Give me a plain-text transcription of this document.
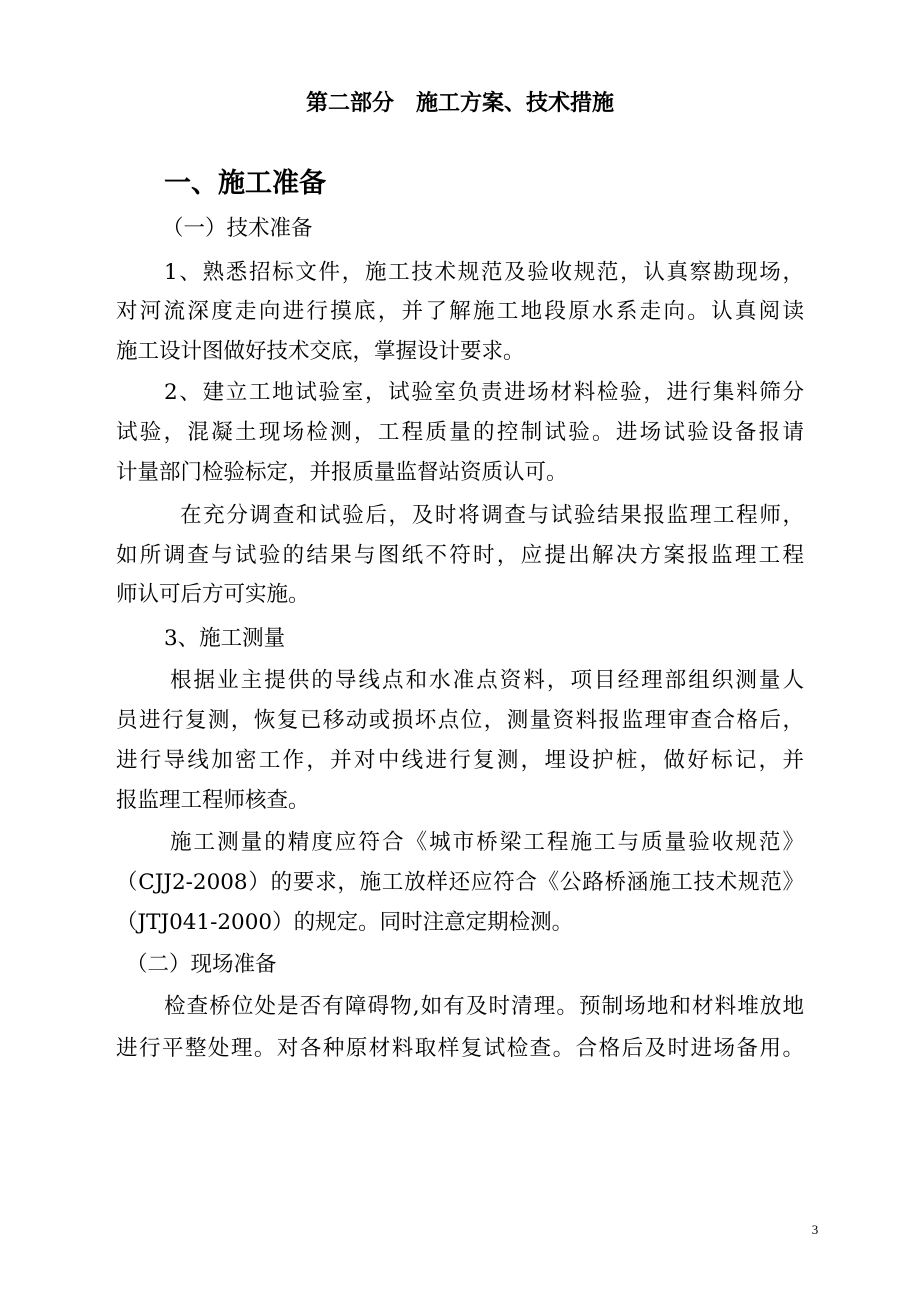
第二部分　施工方案、技术措施
一、施工准备
（一）技术准备
1、熟悉招标文件，施工技术规范及验收规范，认真察勘现场，
对河流深度走向进行摸底，并了解施工地段原水系走向。认真阅读
施工设计图做好技术交底，掌握设计要求。
2、建立工地试验室，试验室负责进场材料检验，进行集料筛分
试验，混凝土现场检测，工程质量的控制试验。进场试验设备报请
计量部门检验标定，并报质量监督站资质认可。
在充分调查和试验后，及时将调查与试验结果报监理工程师，
如所调查与试验的结果与图纸不符时，应提出解决方案报监理工程
师认可后方可实施。
3、施工测量
根据业主提供的导线点和水准点资料，项目经理部组织测量人
员进行复测，恢复已移动或损坏点位，测量资料报监理审查合格后，
进行导线加密工作，并对中线进行复测，埋设护桩，做好标记，并
报监理工程师核查。
施工测量的精度应符合《城市桥梁工程施工与质量验收规范》
（CJJ2-2008）的要求，施工放样还应符合《公路桥涵施工技术规范》
（JTJ041-2000）的规定。同时注意定期检测。
（二）现场准备
检查桥位处是否有障碍物,如有及时清理。预制场地和材料堆放地
进行平整处理。对各种原材料取样复试检查。合格后及时进场备用。
3
